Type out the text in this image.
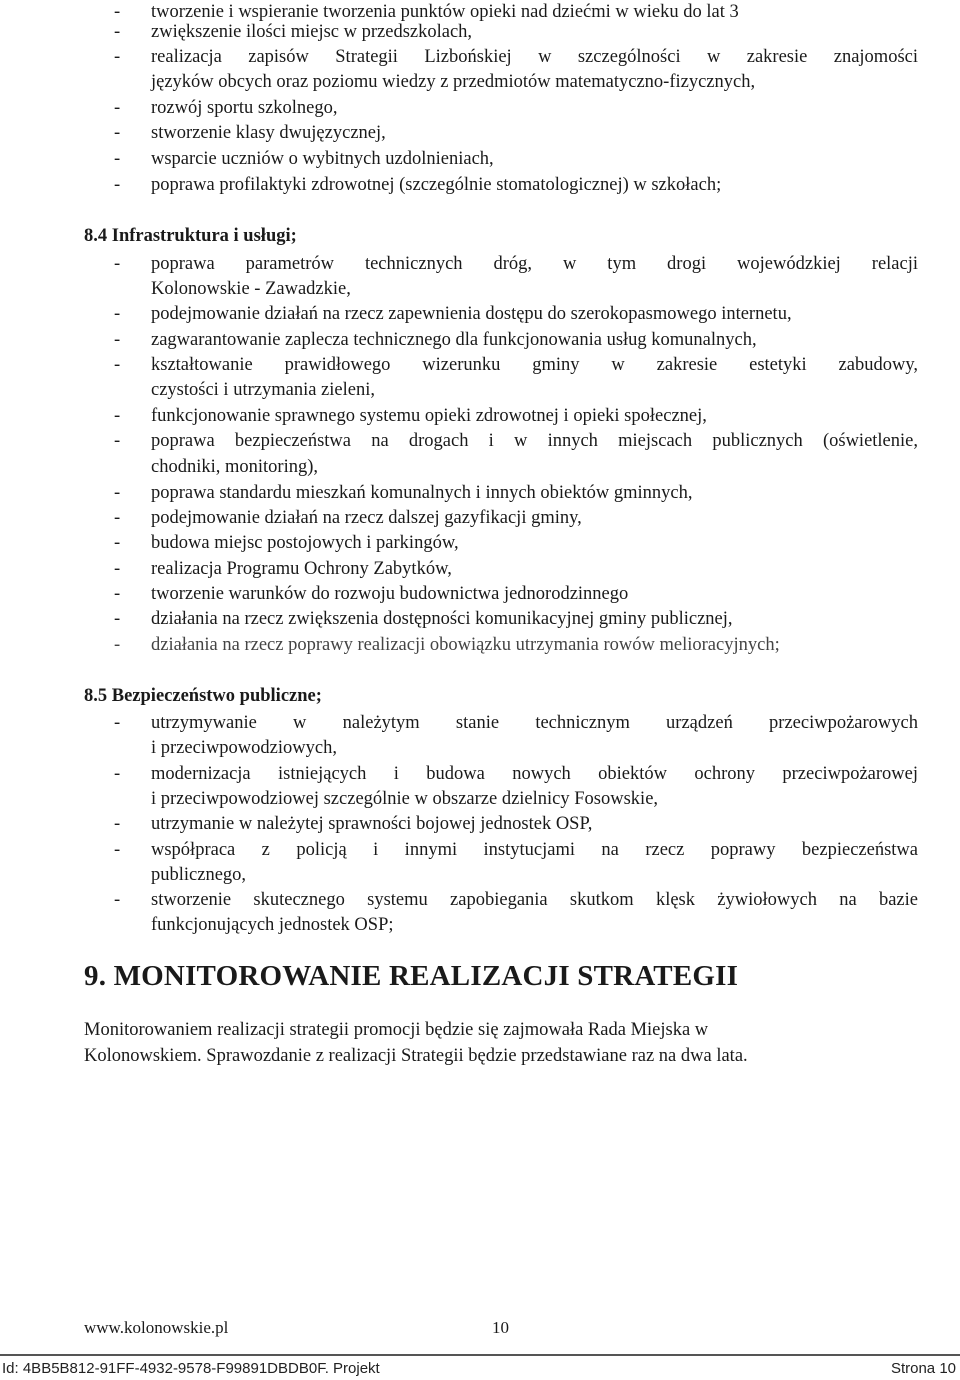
- tworzenie i wspieranie tworzenia punktów opieki nad dziećmi w wieku do lat 3
- zwiększenie ilości miejsc w przedszkolach,
- realizacja zapisów Strategii Lizbońskiej w szczególności w zakresie znajomości
języków obcych oraz poziomu wiedzy z przedmiotów matematyczno-fizycznych,
- rozwój sportu szkolnego,
- stworzenie klasy dwujęzycznej,
- wsparcie uczniów o wybitnych uzdolnieniach,
- poprawa profilaktyki zdrowotnej (szczególnie stomatologicznej) w szkołach;
8.4 Infrastruktura i usługi;
- poprawa parametrów technicznych dróg, w tym drogi wojewódzkiej relacji
Kolonowskie - Zawadzkie,
- podejmowanie działań na rzecz zapewnienia dostępu do szerokopasmowego internetu,
- zagwarantowanie zaplecza technicznego dla funkcjonowania usług komunalnych,
- kształtowanie prawidłowego wizerunku gminy w zakresie estetyki zabudowy,
czystości i utrzymania zieleni,
- funkcjonowanie sprawnego systemu opieki zdrowotnej i opieki społecznej,
- poprawa bezpieczeństwa na drogach i w innych miejscach publicznych (oświetlenie,
chodniki, monitoring),
- poprawa standardu mieszkań komunalnych i innych obiektów gminnych,
- podejmowanie działań na rzecz dalszej gazyfikacji gminy,
- budowa miejsc postojowych i parkingów,
- realizacja Programu Ochrony Zabytków,
- tworzenie warunków do rozwoju budownictwa jednorodzinnego
- działania na rzecz zwiększenia dostępności komunikacyjnej gminy publicznej,
- działania na rzecz poprawy realizacji obowiązku utrzymania rowów melioracyjnych;
8.5 Bezpieczeństwo publiczne;
- utrzymywanie w należytym stanie technicznym urządzeń przeciwpożarowych
i przeciwpowodziowych,
- modernizacja istniejących i budowa nowych obiektów ochrony przeciwpożarowej
i przeciwpowodziowej szczególnie w obszarze dzielnicy Fosowskie,
- utrzymanie w należytej sprawności bojowej jednostek OSP,
- współpraca z policją i innymi instytucjami na rzecz poprawy bezpieczeństwa
publicznego,
- stworzenie skutecznego systemu zapobiegania skutkom klęsk żywiołowych na bazie
funkcjonujących jednostek OSP;
9. MONITOROWANIE REALIZACJI STRATEGII
Monitorowaniem realizacji strategii promocji będzie się zajmowała Rada Miejska w
Kolonowskiem. Sprawozdanie z realizacji Strategii będzie przedstawiane raz na dwa lata.
www.kolonowskie.pl	10
Id: 4BB5B812-91FF-4932-9578-F99891DBDB0F. Projekt	Strona 10
